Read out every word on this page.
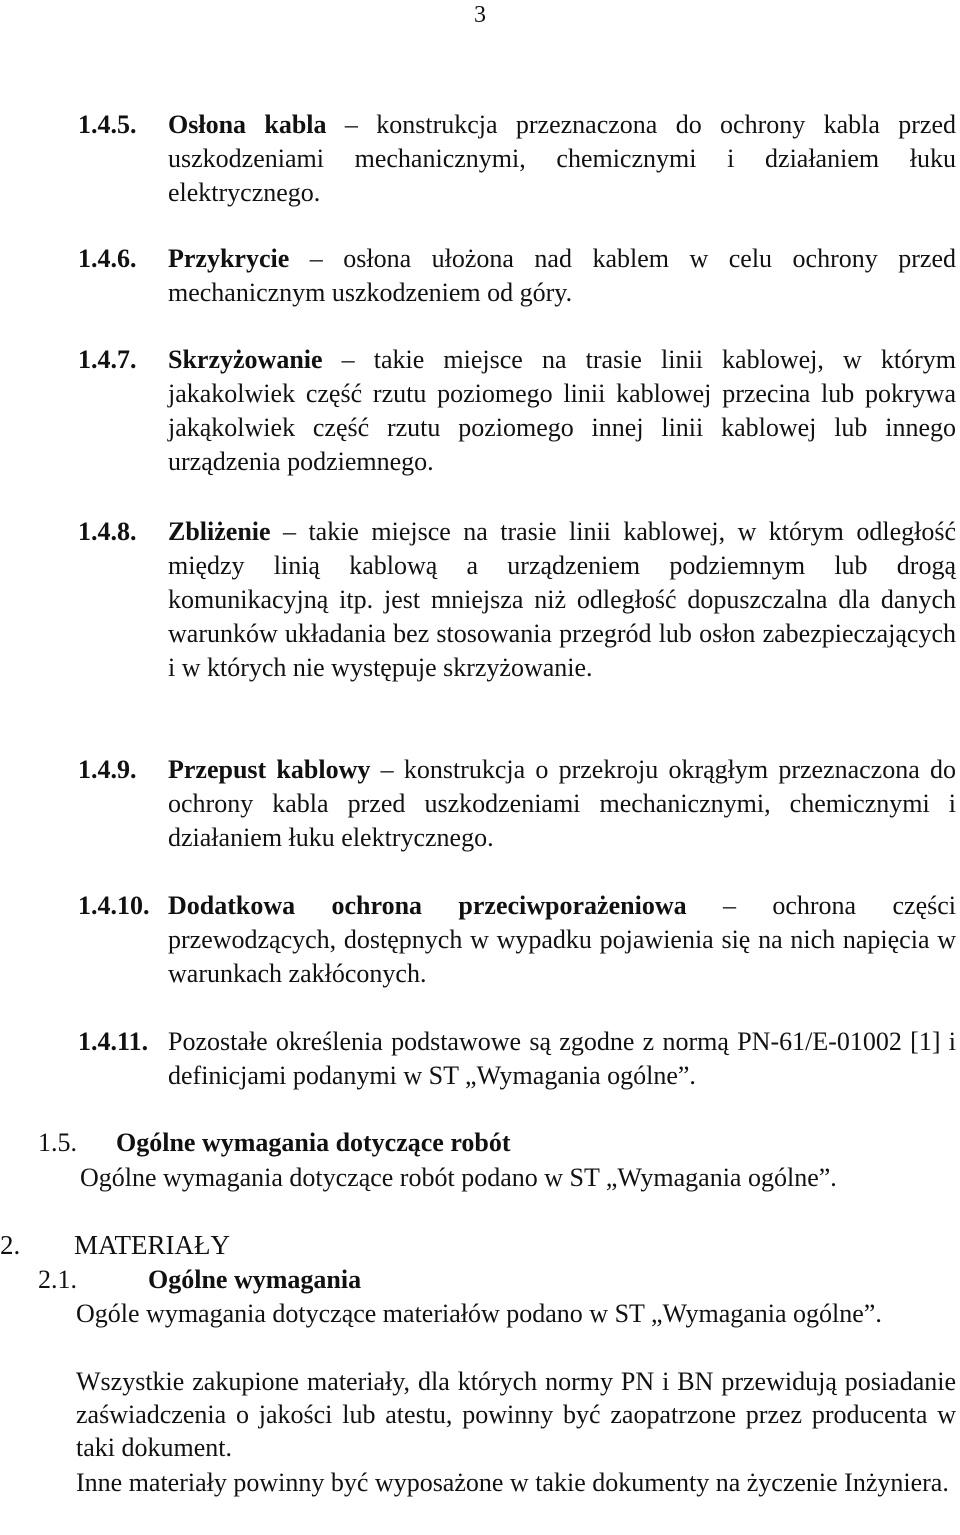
3
1.4.5. Osłona kabla – konstrukcja przeznaczona do ochrony kabla przed uszkodzeniami mechanicznymi, chemicznymi i działaniem łuku elektrycznego.
1.4.6. Przykrycie – osłona ułożona nad kablem w celu ochrony przed mechanicznym uszkodzeniem od góry.
1.4.7. Skrzyżowanie – takie miejsce na trasie linii kablowej, w którym jakakolwiek część rzutu poziomego linii kablowej przecina lub pokrywa jakąkolwiek część rzutu poziomego innej linii kablowej lub innego urządzenia podziemnego.
1.4.8. Zbliżenie – takie miejsce na trasie linii kablowej, w którym odległość między linią kablową a urządzeniem podziemnym lub drogą komunikacyjną itp. jest mniejsza niż odległość dopuszczalna dla danych warunków układania bez stosowania przegród lub osłon zabezpieczających i w których nie występuje skrzyżowanie.
1.4.9. Przepust kablowy – konstrukcja o przekroju okrągłym przeznaczona do ochrony kabla przed uszkodzeniami mechanicznymi, chemicznymi i działaniem łuku elektrycznego.
1.4.10. Dodatkowa ochrona przeciwporażeniowa – ochrona części przewodzących, dostępnych w wypadku pojawienia się na nich napięcia w warunkach zakłóconych.
1.4.11. Pozostałe określenia podstawowe są zgodne z normą PN-61/E-01002 [1] i definicjami podanymi w ST „Wymagania ogólne”.
1.5. Ogólne wymagania dotyczące robót
Ogólne wymagania dotyczące robót podano w ST „Wymagania ogólne”.
2. MATERIAŁY
2.1.	Ogólne wymagania
Ogóle wymagania dotyczące materiałów podano w ST „Wymagania ogólne”.
Wszystkie zakupione materiały, dla których normy PN i BN przewidują posiadanie zaświadczenia o jakości lub atestu, powinny być zaopatrzone przez producenta w taki dokument.
Inne materiały powinny być wyposażone w takie dokumenty na życzenie Inżyniera.
